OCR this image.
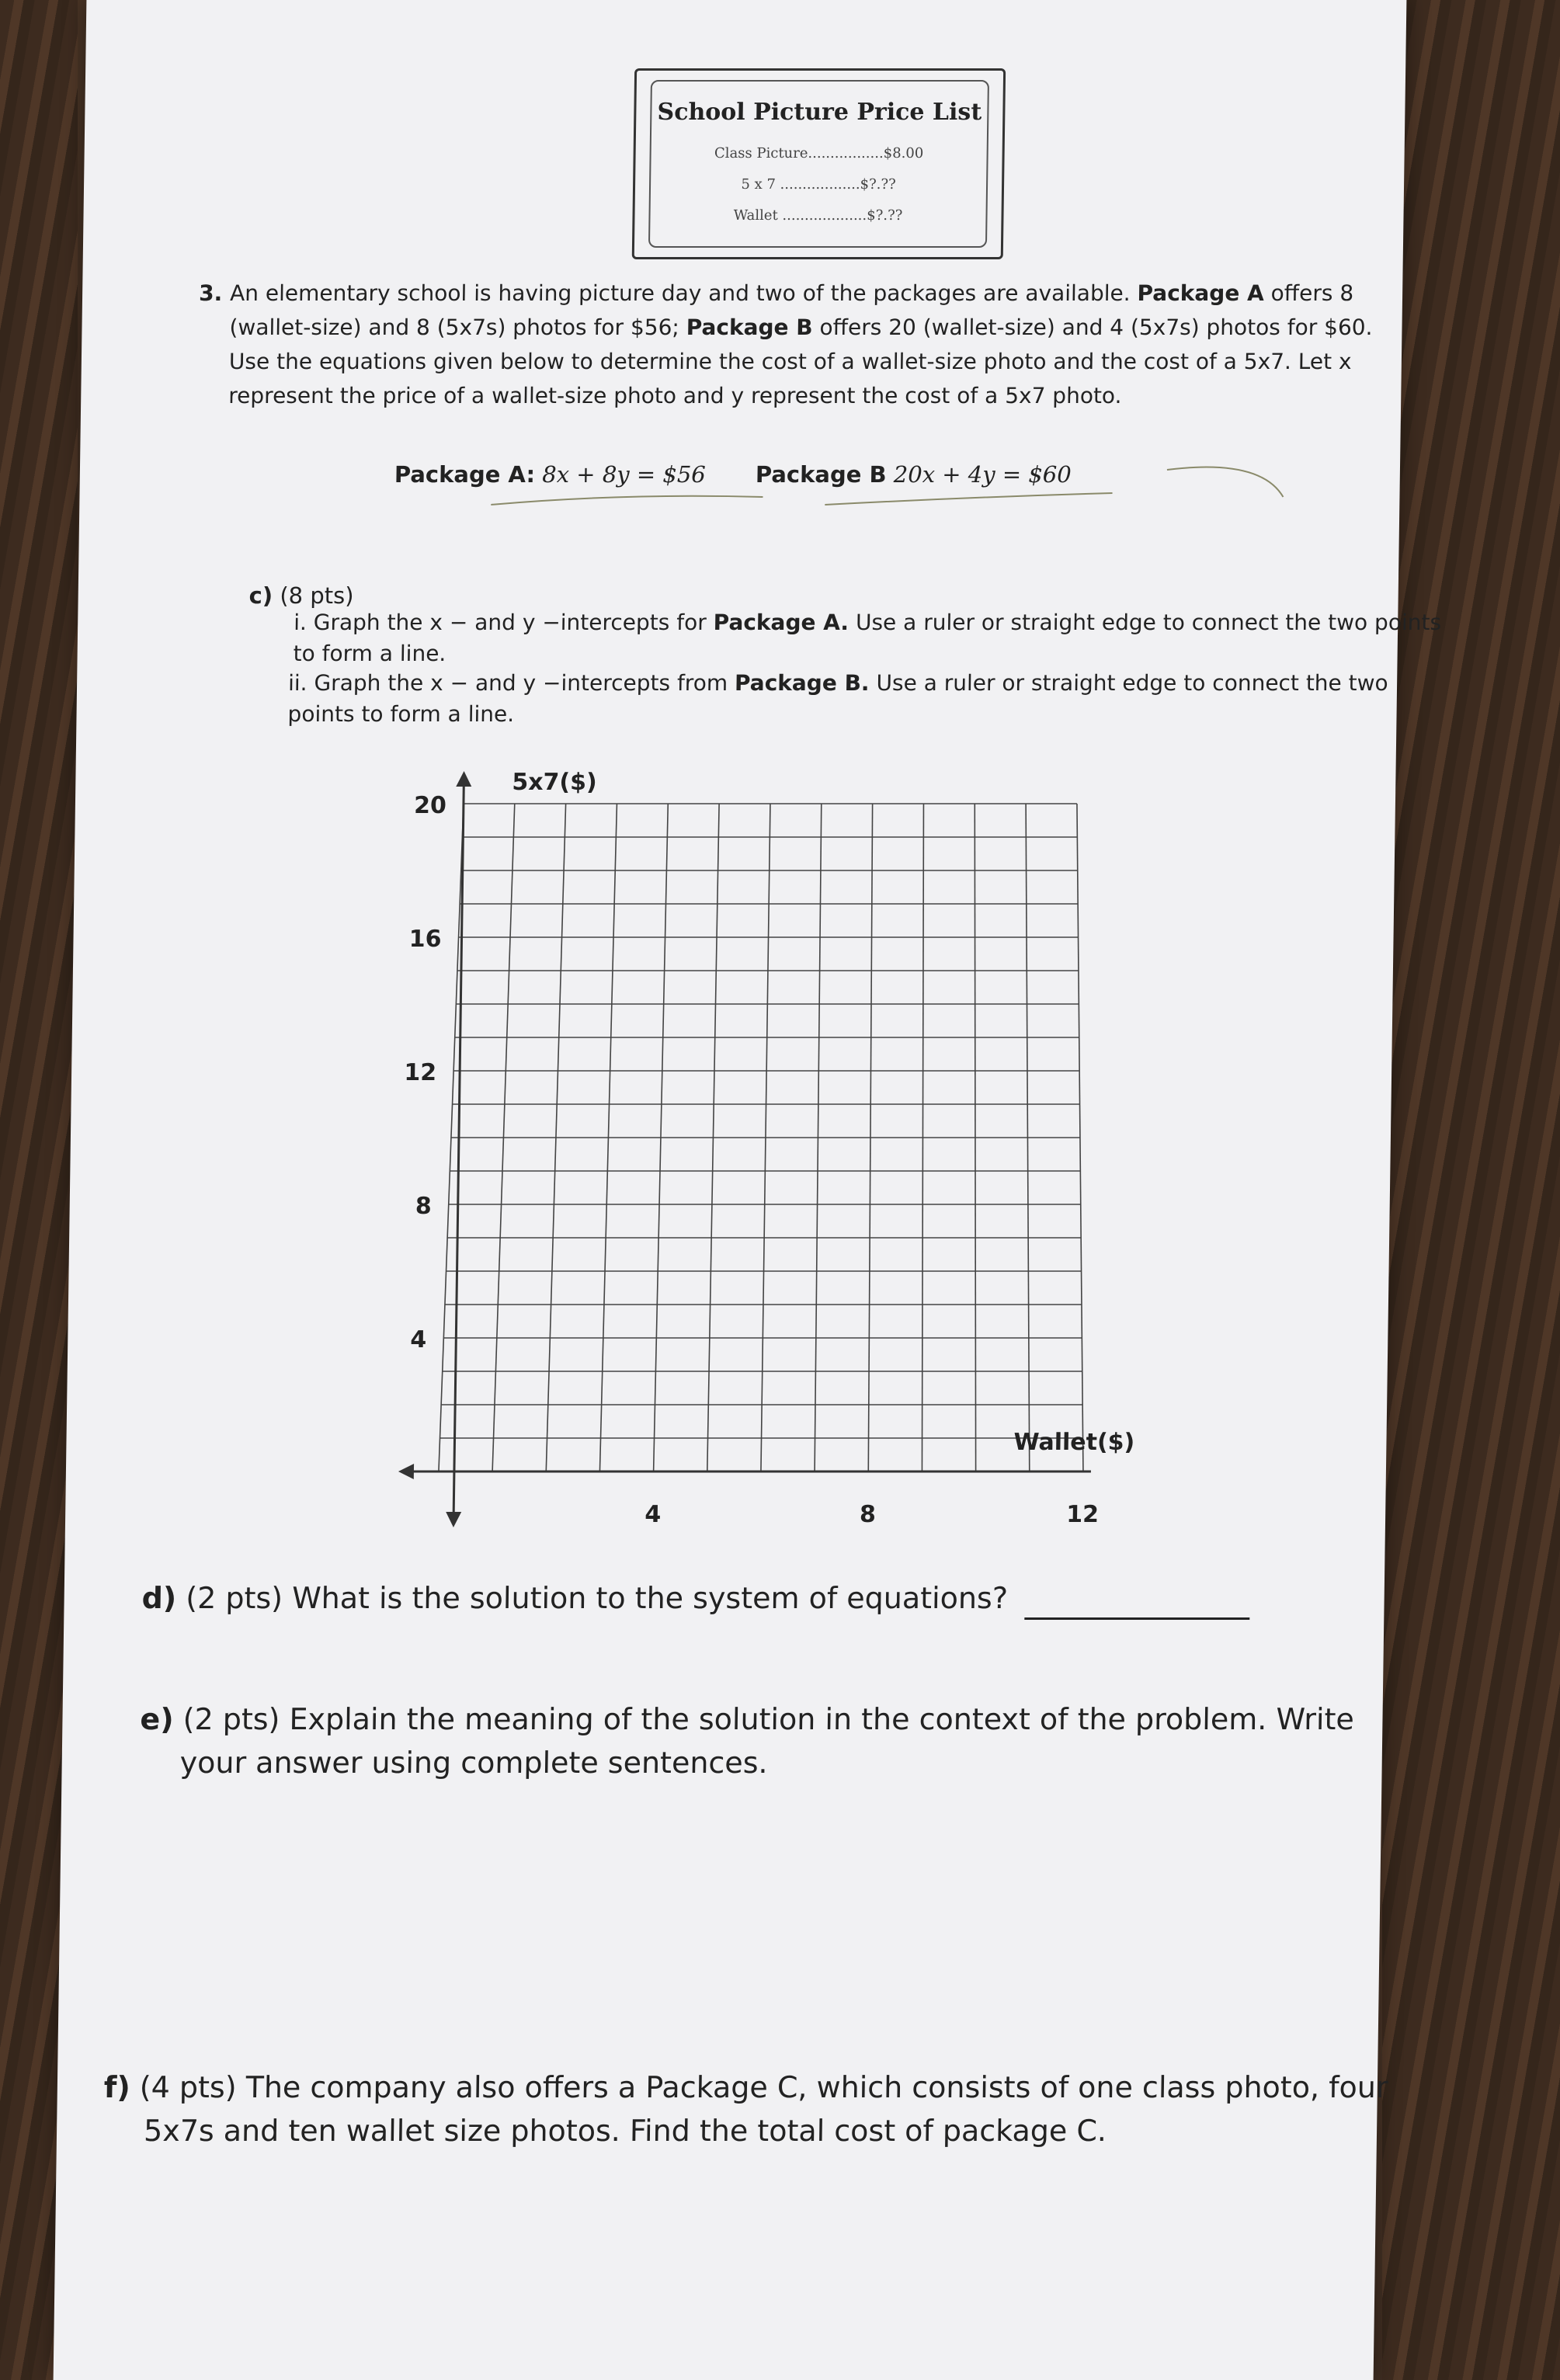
School Picture Price List
Class Picture.................$8.00
5 x 7 ..................$?.??
Wallet ...................$?.??
3. An elementary school is having picture day and two of the packages are available. Package A offers 8 (wallet-size) and 8 (5x7s) photos for $56; Package B offers 20 (wallet-size) and 4 (5x7s) photos for $60. Use the equations given below to determine the cost of a wallet-size photo and the cost of a 5x7. Let x represent the price of a wallet-size photo and y represent the cost of a 5x7 photo.
Package A: 8x + 8y = $56 Package B 20x + 4y = $60
c) (8 pts)
i. Graph the x − and y −intercepts for Package A. Use a ruler or straight edge to connect the two points to form a line.
ii. Graph the x − and y −intercepts from Package B. Use a ruler or straight edge to connect the two points to form a line.
20
16
12
8
4
4	8	12
5x7($)
Wallet($)
d) (2 pts) What is the solution to the system of equations?
e) (2 pts) Explain the meaning of the solution in the context of the problem. Write your answer using complete sentences.
f) (4 pts) The company also offers a Package C, which consists of one class photo, four 5x7s and ten wallet size photos. Find the total cost of package C.
